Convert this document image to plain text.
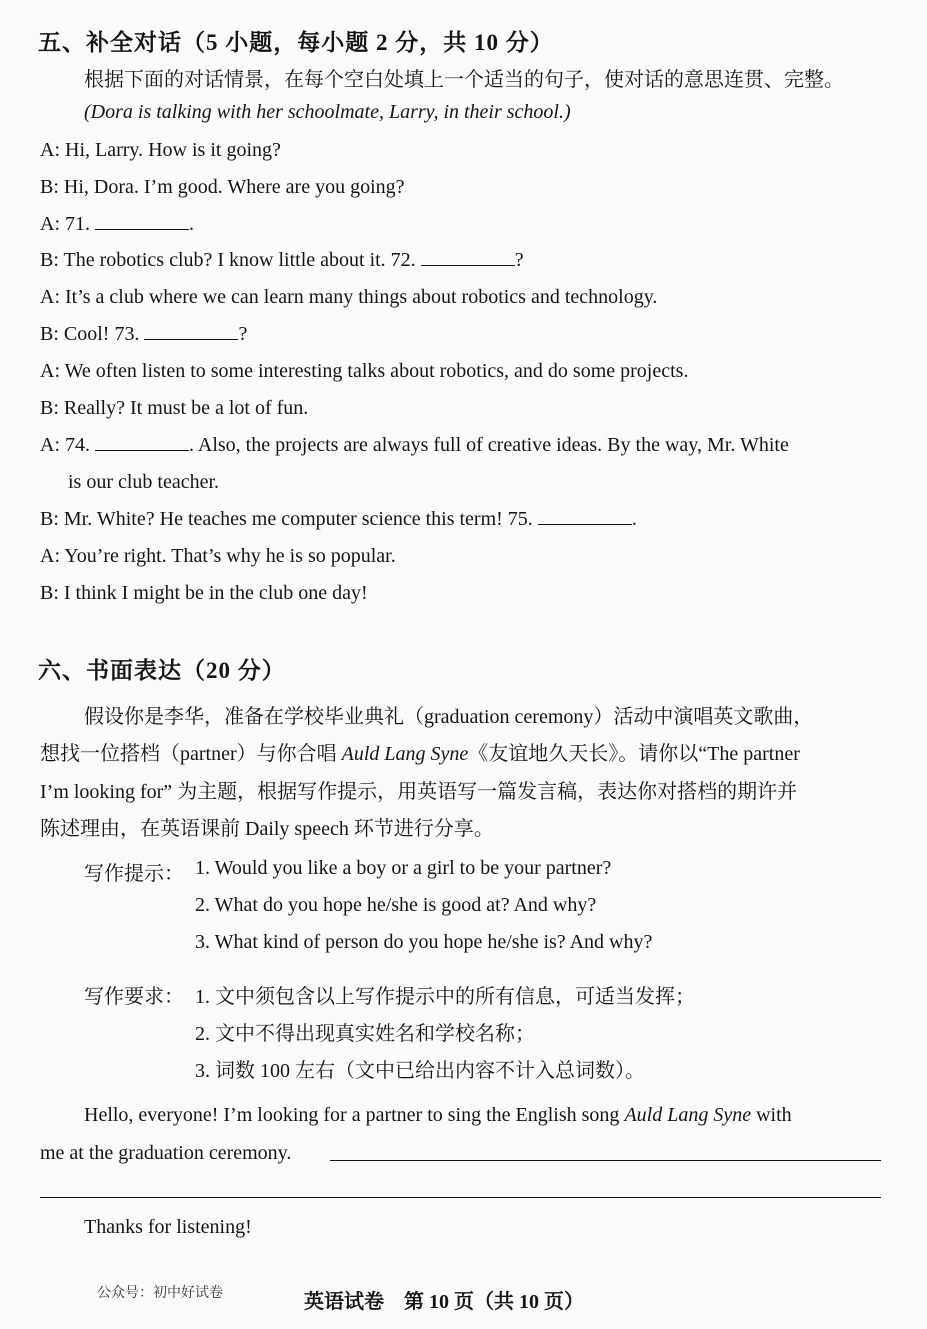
五、补全对话（5 小题，每小题 2 分，共 10 分）
根据下面的对话情景，在每个空白处填上一个适当的句子，使对话的意思连贯、完整。
(Dora is talking with her schoolmate, Larry, in their school.)
A: Hi, Larry. How is it going?
B: Hi, Dora. I’m good. Where are you going?
A: 71.	.
B: The robotics club? I know little about it. 72.	?
A: It’s a club where we can learn many things about robotics and technology.
B: Cool! 73.	?
A: We often listen to some interesting talks about robotics, and do some projects.
B: Really? It must be a lot of fun.
A: 74.	. Also, the projects are always full of creative ideas. By the way, Mr. White
is our club teacher.
B: Mr. White? He teaches me computer science this term! 75.	.
A: You’re right. That’s why he is so popular.
B: I think I might be in the club one day!
六、书面表达（20 分）
假设你是李华，准备在学校毕业典礼（graduation ceremony）活动中演唱英文歌曲，
想找一位搭档（partner）与你合唱 Auld Lang Syne《友谊地久天长》。请你以“The partner
I’m looking for” 为主题，根据写作提示，用英语写一篇发言稿，表达你对搭档的期许并
陈述理由，在英语课前 Daily speech 环节进行分享。
写作提示： 1. Would you like a boy or a girl to be your partner?
2. What do you hope he/she is good at? And why?
3. What kind of person do you hope he/she is? And why?
写作要求： 1. 文中须包含以上写作提示中的所有信息，可适当发挥；
2. 文中不得出现真实姓名和学校名称；
3. 词数 100 左右（文中已给出内容不计入总词数）。
Hello, everyone! I’m looking for a partner to sing the English song Auld Lang Syne with
me at the graduation ceremony.
Thanks for listening!
公众号：初中好试卷	英语试卷　第 10 页（共 10 页）
